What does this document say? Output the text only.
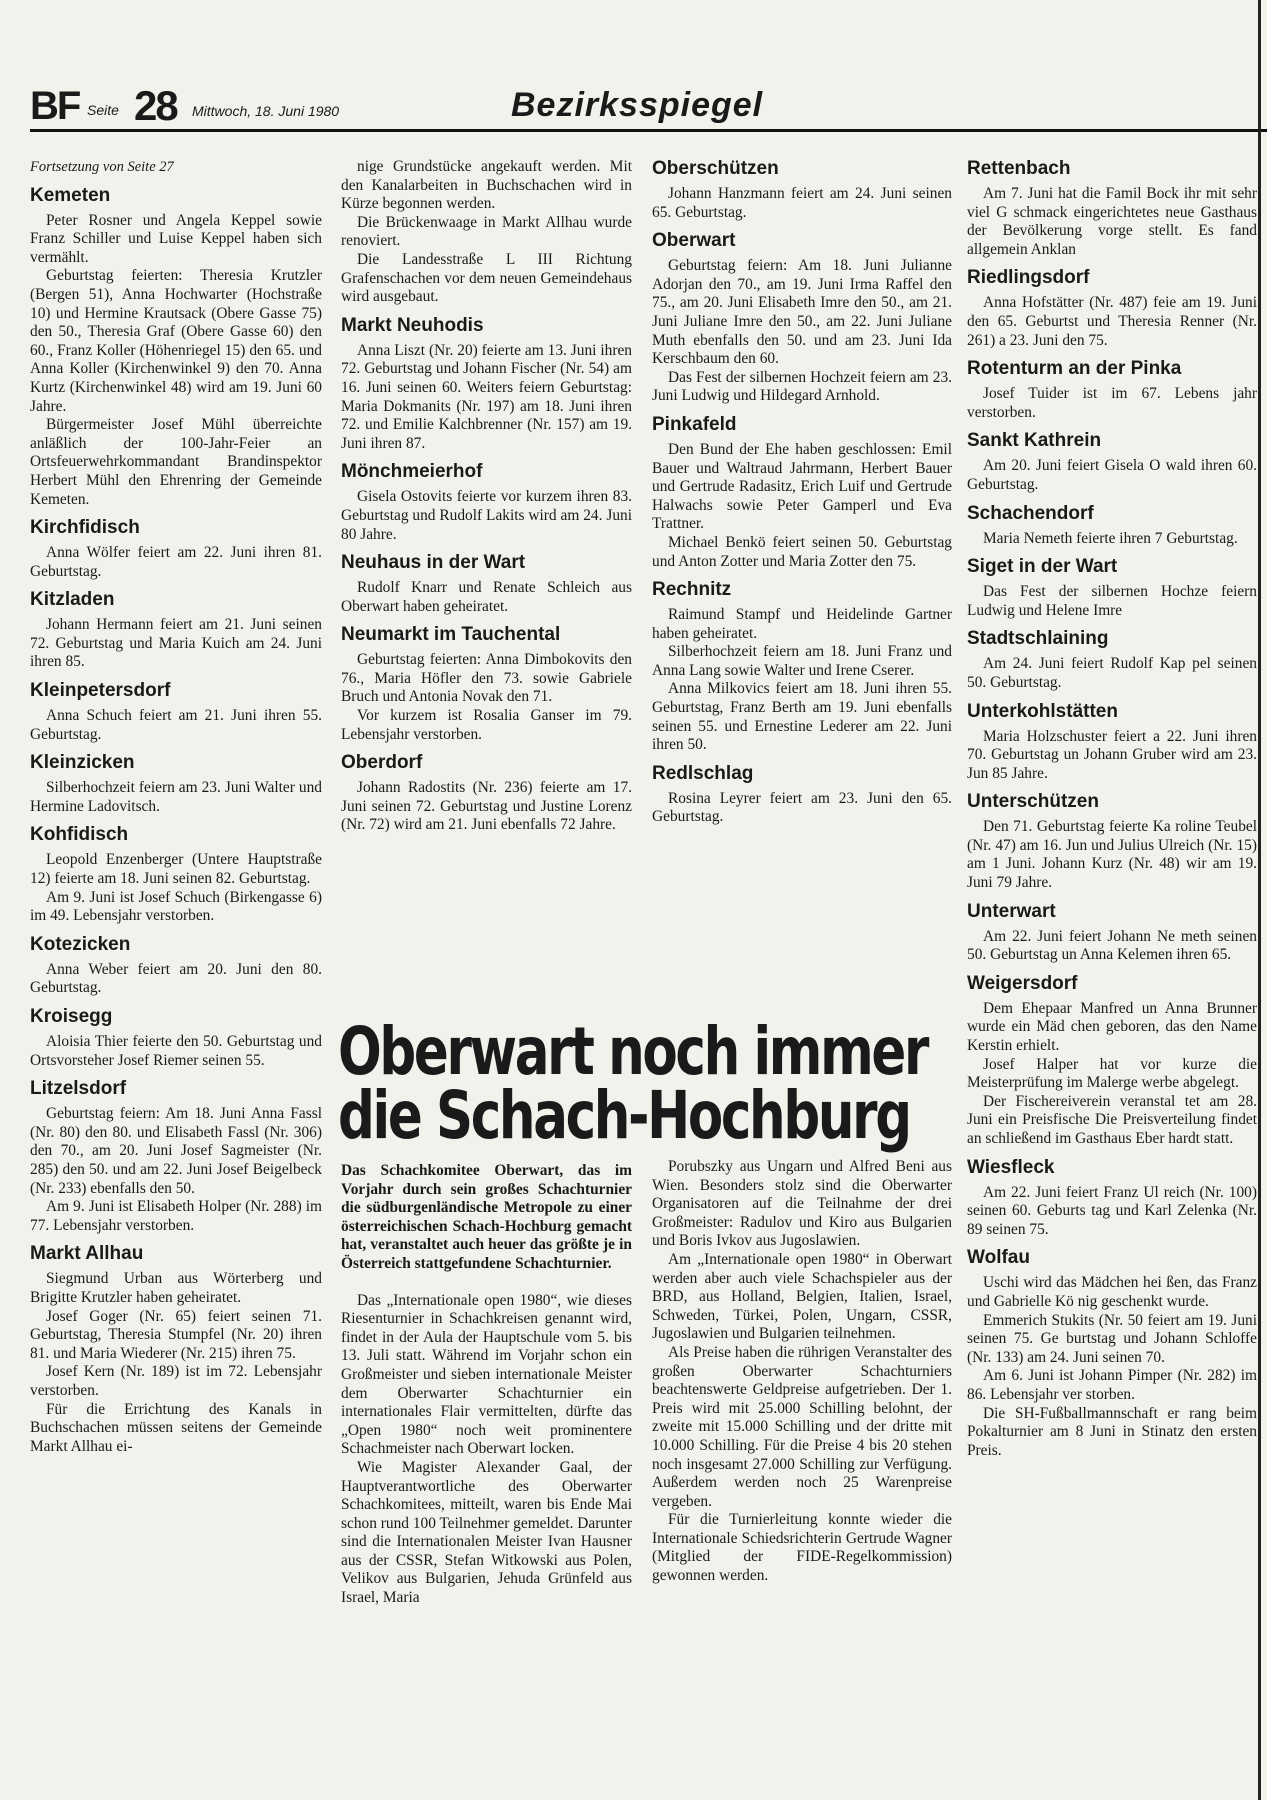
BF Seite 28 Mittwoch, 18. Juni 1980	Bezirksspiegel

Fortsetzung von Seite 27

Kemeten

Peter Rosner und Angela Keppel sowie Franz Schiller und Luise Keppel haben sich vermählt.

Geburtstag feierten: Theresia Krutzler (Bergen 51), Anna Hochwarter (Hochstraße 10) und Hermine Krautsack (Obere Gasse 75) den 50., Theresia Graf (Obere Gasse 60) den 60., Franz Koller (Höhenriegel 15) den 65. und Anna Koller (Kirchenwinkel 9) den 70. Anna Kurtz (Kirchenwinkel 48) wird am 19. Juni 60 Jahre.

Bürgermeister Josef Mühl überreichte anläßlich der 100-Jahr-Feier an Ortsfeuerwehrkommandant Brandinspektor Herbert Mühl den Ehrenring der Gemeinde Kemeten.

Kirchfidisch

Anna Wölfer feiert am 22. Juni ihren 81. Geburtstag.

Kitzladen

Johann Hermann feiert am 21. Juni seinen 72. Geburtstag und Maria Kuich am 24. Juni ihren 85.

Kleinpetersdorf

Anna Schuch feiert am 21. Juni ihren 55. Geburtstag.

Kleinzicken

Silberhochzeit feiern am 23. Juni Walter und Hermine Ladovitsch.

Kohfidisch

Leopold Enzenberger (Untere Hauptstraße 12) feierte am 18. Juni seinen 82. Geburtstag.

Am 9. Juni ist Josef Schuch (Birkengasse 6) im 49. Lebensjahr verstorben.

Kotezicken

Anna Weber feiert am 20. Juni den 80. Geburtstag.

Kroisegg

Aloisia Thier feierte den 50. Geburtstag und Ortsvorsteher Josef Riemer seinen 55.

Litzelsdorf

Geburtstag feiern: Am 18. Juni Anna Fassl (Nr. 80) den 80. und Elisabeth Fassl (Nr. 306) den 70., am 20. Juni Josef Sagmeister (Nr. 285) den 50. und am 22. Juni Josef Beigelbeck (Nr. 233) ebenfalls den 50.

Am 9. Juni ist Elisabeth Holper (Nr. 288) im 77. Lebensjahr verstorben.

Markt Allhau

Siegmund Urban aus Wörterberg und Brigitte Krutzler haben geheiratet.

Josef Goger (Nr. 65) feiert seinen 71. Geburtstag, Theresia Stumpfel (Nr. 20) ihren 81. und Maria Wiederer (Nr. 215) ihren 75.

Josef Kern (Nr. 189) ist im 72. Lebensjahr verstorben.

Für die Errichtung des Kanals in Buchschachen müssen seitens der Gemeinde Markt Allhau ei-

nige Grundstücke angekauft werden. Mit den Kanalarbeiten in Buchschachen wird in Kürze begonnen werden.

Die Brückenwaage in Markt Allhau wurde renoviert.

Die Landesstraße L III Richtung Grafenschachen vor dem neuen Gemeindehaus wird ausgebaut.

Markt Neuhodis

Anna Liszt (Nr. 20) feierte am 13. Juni ihren 72. Geburtstag und Johann Fischer (Nr. 54) am 16. Juni seinen 60. Weiters feiern Geburtstag: Maria Dokmanits (Nr. 197) am 18. Juni ihren 72. und Emilie Kalchbrenner (Nr. 157) am 19. Juni ihren 87.

Mönchmeierhof

Gisela Ostovits feierte vor kurzem ihren 83. Geburtstag und Rudolf Lakits wird am 24. Juni 80 Jahre.

Neuhaus in der Wart

Rudolf Knarr und Renate Schleich aus Oberwart haben geheiratet.

Neumarkt im Tauchental

Geburtstag feierten: Anna Dimbokovits den 76., Maria Höfler den 73. sowie Gabriele Bruch und Antonia Novak den 71.

Vor kurzem ist Rosalia Ganser im 79. Lebensjahr verstorben.

Oberdorf

Johann Radostits (Nr. 236) feierte am 17. Juni seinen 72. Geburtstag und Justine Lorenz (Nr. 72) wird am 21. Juni ebenfalls 72 Jahre.

Oberschützen

Johann Hanzmann feiert am 24. Juni seinen 65. Geburtstag.

Oberwart

Geburtstag feiern: Am 18. Juni Julianne Adorjan den 70., am 19. Juni Irma Raffel den 75., am 20. Juni Elisabeth Imre den 50., am 21. Juni Juliane Imre den 50., am 22. Juni Juliane Muth ebenfalls den 50. und am 23. Juni Ida Kerschbaum den 60.

Das Fest der silbernen Hochzeit feiern am 23. Juni Ludwig und Hildegard Arnhold.

Pinkafeld

Den Bund der Ehe haben geschlossen: Emil Bauer und Waltraud Jahrmann, Herbert Bauer und Gertrude Radasitz, Erich Luif und Gertrude Halwachs sowie Peter Gamperl und Eva Trattner.

Michael Benkö feiert seinen 50. Geburtstag und Anton Zotter und Maria Zotter den 75.

Rechnitz

Raimund Stampf und Heidelinde Gartner haben geheiratet.

Silberhochzeit feiern am 18. Juni Franz und Anna Lang sowie Walter und Irene Cserer.

Anna Milkovics feiert am 18. Juni ihren 55. Geburtstag, Franz Berth am 19. Juni ebenfalls seinen 55. und Ernestine Lederer am 22. Juni ihren 50.

Redlschlag

Rosina Leyrer feiert am 23. Juni den 65. Geburtstag.

Rettenbach

Am 7. Juni hat die Famil Bock ihr mit sehr viel G schmack eingerichtetes neue Gasthaus der Bevölkerung vorge stellt. Es fand allgemein Anklan

Riedlingsdorf

Anna Hofstätter (Nr. 487) feie am 19. Juni den 65. Geburtst und Theresia Renner (Nr. 261) a 23. Juni den 75.

Rotenturm an der Pinka

Josef Tuider ist im 67. Lebens jahr verstorben.

Sankt Kathrein

Am 20. Juni feiert Gisela O wald ihren 60. Geburtstag.

Schachendorf

Maria Nemeth feierte ihren 7 Geburtstag.

Siget in der Wart

Das Fest der silbernen Hochze feiern Ludwig und Helene Imre

Stadtschlaining

Am 24. Juni feiert Rudolf Kap pel seinen 50. Geburtstag.

Unterkohlstätten

Maria Holzschuster feiert a 22. Juni ihren 70. Geburtstag un Johann Gruber wird am 23. Jun 85 Jahre.

Unterschützen

Den 71. Geburtstag feierte Ka roline Teubel (Nr. 47) am 16. Jun und Julius Ulreich (Nr. 15) am 1 Juni. Johann Kurz (Nr. 48) wir am 19. Juni 79 Jahre.

Unterwart

Am 22. Juni feiert Johann Ne meth seinen 50. Geburtstag un Anna Kelemen ihren 65.

Weigersdorf

Dem Ehepaar Manfred un Anna Brunner wurde ein Mäd chen geboren, das den Name Kerstin erhielt.

Josef Halper hat vor kurze die Meisterprüfung im Malerge werbe abgelegt.

Der Fischereiverein veranstal tet am 28. Juni ein Preisfische Die Preisverteilung findet an schließend im Gasthaus Eber hardt statt.

Wiesfleck

Am 22. Juni feiert Franz Ul reich (Nr. 100) seinen 60. Geburts tag und Karl Zelenka (Nr. 89 seinen 75.

Wolfau

Uschi wird das Mädchen hei ßen, das Franz und Gabrielle Kö nig geschenkt wurde.

Emmerich Stukits (Nr. 50 feiert am 19. Juni seinen 75. Ge burtstag und Johann Schloffe (Nr. 133) am 24. Juni seinen 70.

Am 6. Juni ist Johann Pimper (Nr. 282) im 86. Lebensjahr ver storben.

Die SH-Fußballmannschaft er rang beim Pokalturnier am 8 Juni in Stinatz den ersten Preis.

Oberwart noch immer
die Schach-Hochburg

Das Schachkomitee Oberwart, das im Vorjahr durch sein großes Schachturnier die südburgenländische Metropole zu einer österreichischen Schach-Hochburg gemacht hat, veranstaltet auch heuer das größte je in Österreich stattgefundene Schachturnier.

Das „Internationale open 1980“, wie dieses Riesenturnier in Schachkreisen genannt wird, findet in der Aula der Hauptschule vom 5. bis 13. Juli statt. Während im Vorjahr schon ein Großmeister und sieben internationale Meister dem Oberwarter Schachturnier ein internationales Flair vermittelten, dürfte das „Open 1980“ noch weit prominentere Schachmeister nach Oberwart locken.

Wie Magister Alexander Gaal, der Hauptverantwortliche des Oberwarter Schachkomitees, mitteilt, waren bis Ende Mai schon rund 100 Teilnehmer gemeldet. Darunter sind die Internationalen Meister Ivan Hausner aus der CSSR, Stefan Witkowski aus Polen, Velikov aus Bulgarien, Jehuda Grünfeld aus Israel, Maria

Porubszky aus Ungarn und Alfred Beni aus Wien. Besonders stolz sind die Oberwarter Organisatoren auf die Teilnahme der drei Großmeister: Radulov und Kiro aus Bulgarien und Boris Ivkov aus Jugoslawien.

Am „Internationale open 1980“ in Oberwart werden aber auch viele Schachspieler aus der BRD, aus Holland, Belgien, Italien, Israel, Schweden, Türkei, Polen, Ungarn, CSSR, Jugoslawien und Bulgarien teilnehmen.

Als Preise haben die rührigen Veranstalter des großen Oberwarter Schachturniers beachtenswerte Geldpreise aufgetrieben. Der 1. Preis wird mit 25.000 Schilling belohnt, der zweite mit 15.000 Schilling und der dritte mit 10.000 Schilling. Für die Preise 4 bis 20 stehen noch insgesamt 27.000 Schilling zur Verfügung. Außerdem werden noch 25 Warenpreise vergeben.

Für die Turnierleitung konnte wieder die Internationale Schiedsrichterin Gertrude Wagner (Mitglied der FIDE-Regelkommission) gewonnen werden.
